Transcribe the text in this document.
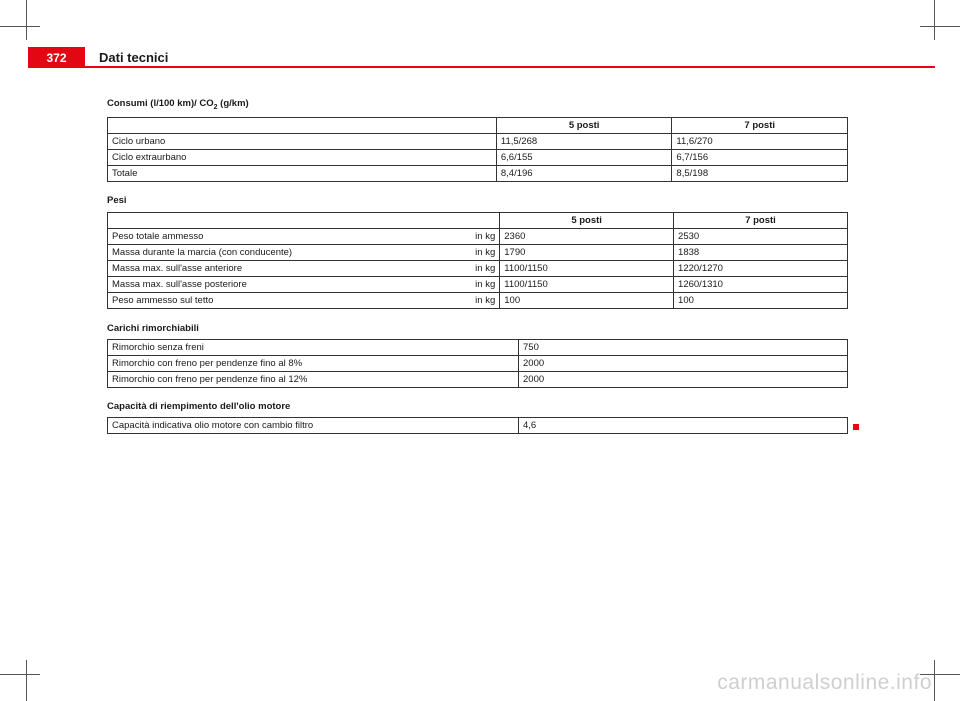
372	Dati tecnici
Consumi (l/100 km)/ $CO_2$ (g/km)
	5 posti	7 posti
Ciclo urbano	11,5/268	11,6/270
Ciclo extraurbano	6,6/155	6,7/156
Totale	8,4/196	8,5/198
Pesi
	5 posti	7 posti
Peso totale ammesso in kg	2360	2530
Massa durante la marcia (con conducente) in kg	1790	1838
Massa max. sull'asse anteriore in kg	1100/1150	1220/1270
Massa max. sull'asse posteriore in kg	1100/1150	1260/1310
Peso ammesso sul tetto in kg	100	100
Carichi rimorchiabili
Rimorchio senza freni	750
Rimorchio con freno per pendenze fino al 8%	2000
Rimorchio con freno per pendenze fino al 12%	2000
Capacità di riempimento dell'olio motore
Capacità indicativa olio motore con cambio filtro	4,6
carmanualsonline.info
